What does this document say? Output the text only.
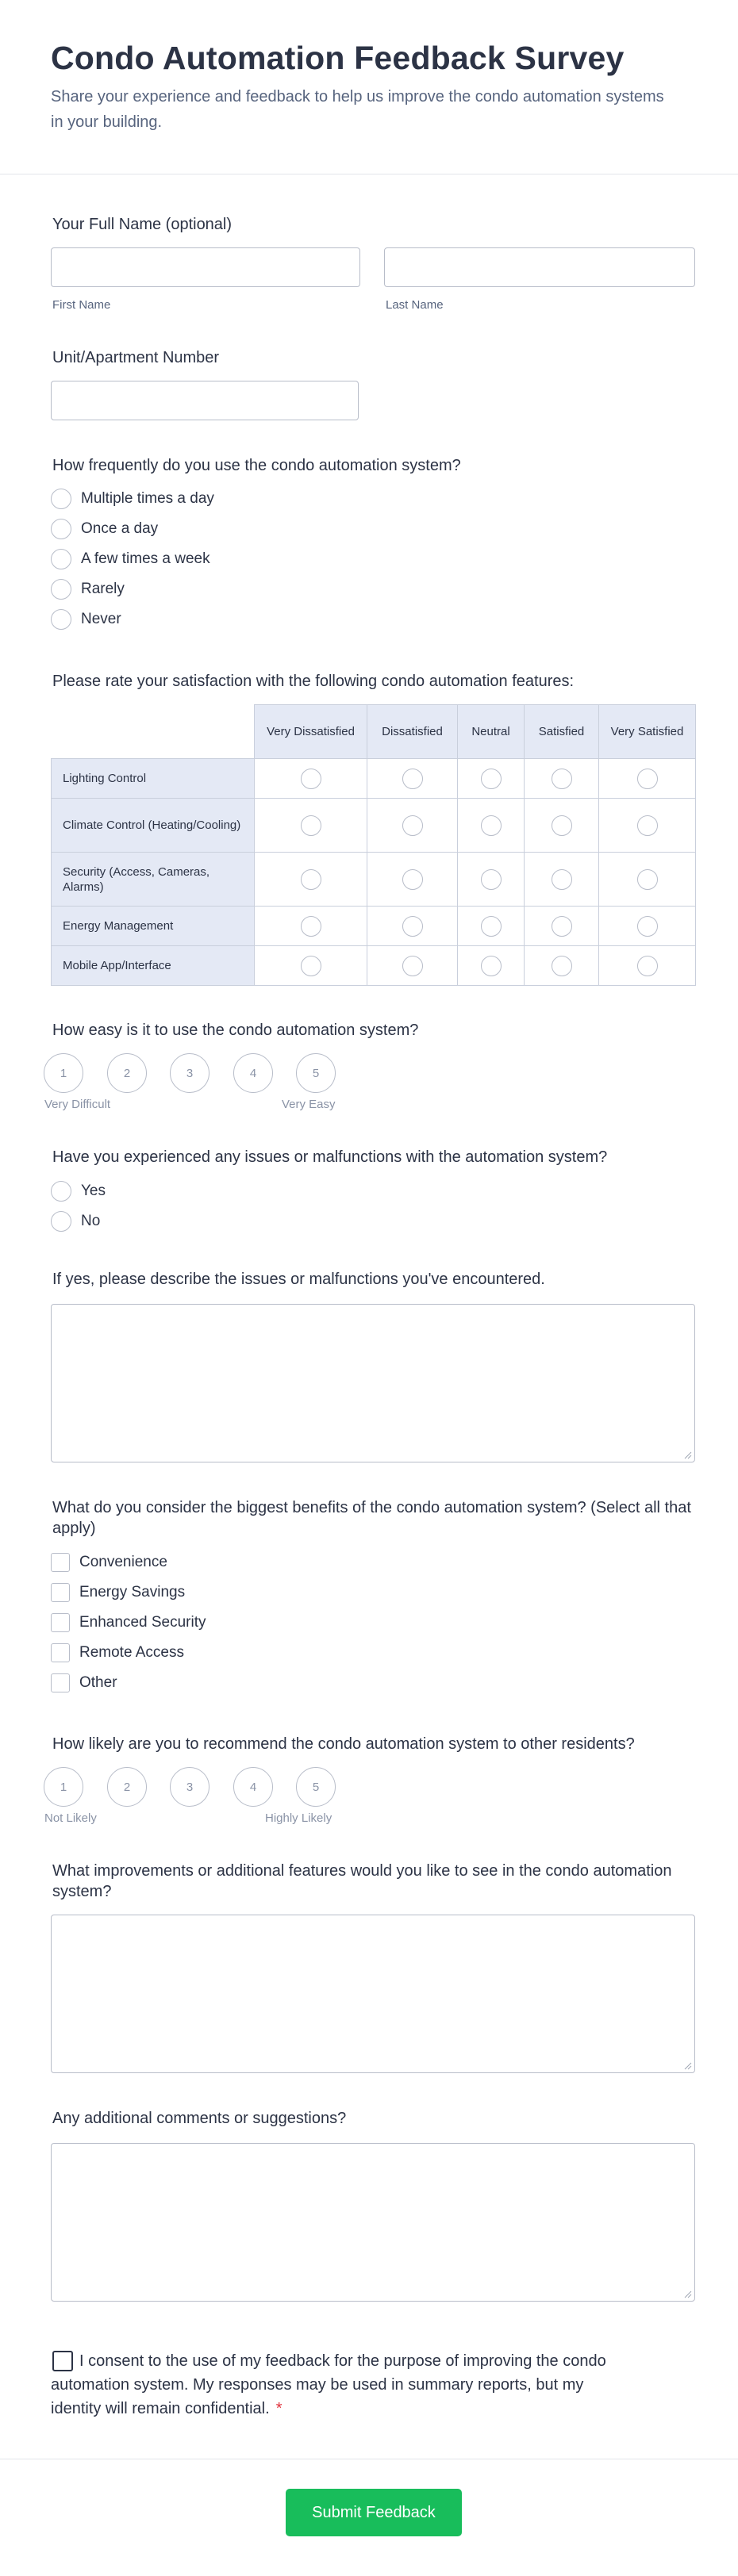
Condo Automation Feedback Survey

Share your experience and feedback to help us improve the condo automation systems in your building.

Your Full Name (optional)
First Name	Last Name
Unit/Apartment Number
How frequently do you use the condo automation system?
Multiple times a day
Once a day
A few times a week
Rarely
Never
Please rate your satisfaction with the following condo automation features:
	Very Dissatisfied	Dissatisfied	Neutral	Satisfied	Very Satisfied
Lighting Control					
Climate Control (Heating/Cooling)					
Security (Access, Cameras, Alarms)					
Energy Management					
Mobile App/Interface					
How easy is it to use the condo automation system?
1	2	3	4	5
Very Difficult	Very Easy
Have you experienced any issues or malfunctions with the automation system?
Yes
No
If yes, please describe the issues or malfunctions you've encountered.
What do you consider the biggest benefits of the condo automation system? (Select all that apply)
Convenience
Energy Savings
Enhanced Security
Remote Access
Other
How likely are you to recommend the condo automation system to other residents?
1	2	3	4	5
Not Likely	Highly Likely
What improvements or additional features would you like to see in the condo automation system?
Any additional comments or suggestions?
I consent to the use of my feedback for the purpose of improving the condo automation system. My responses may be used in summary reports, but my identity will remain confidential. *
Submit Feedback
